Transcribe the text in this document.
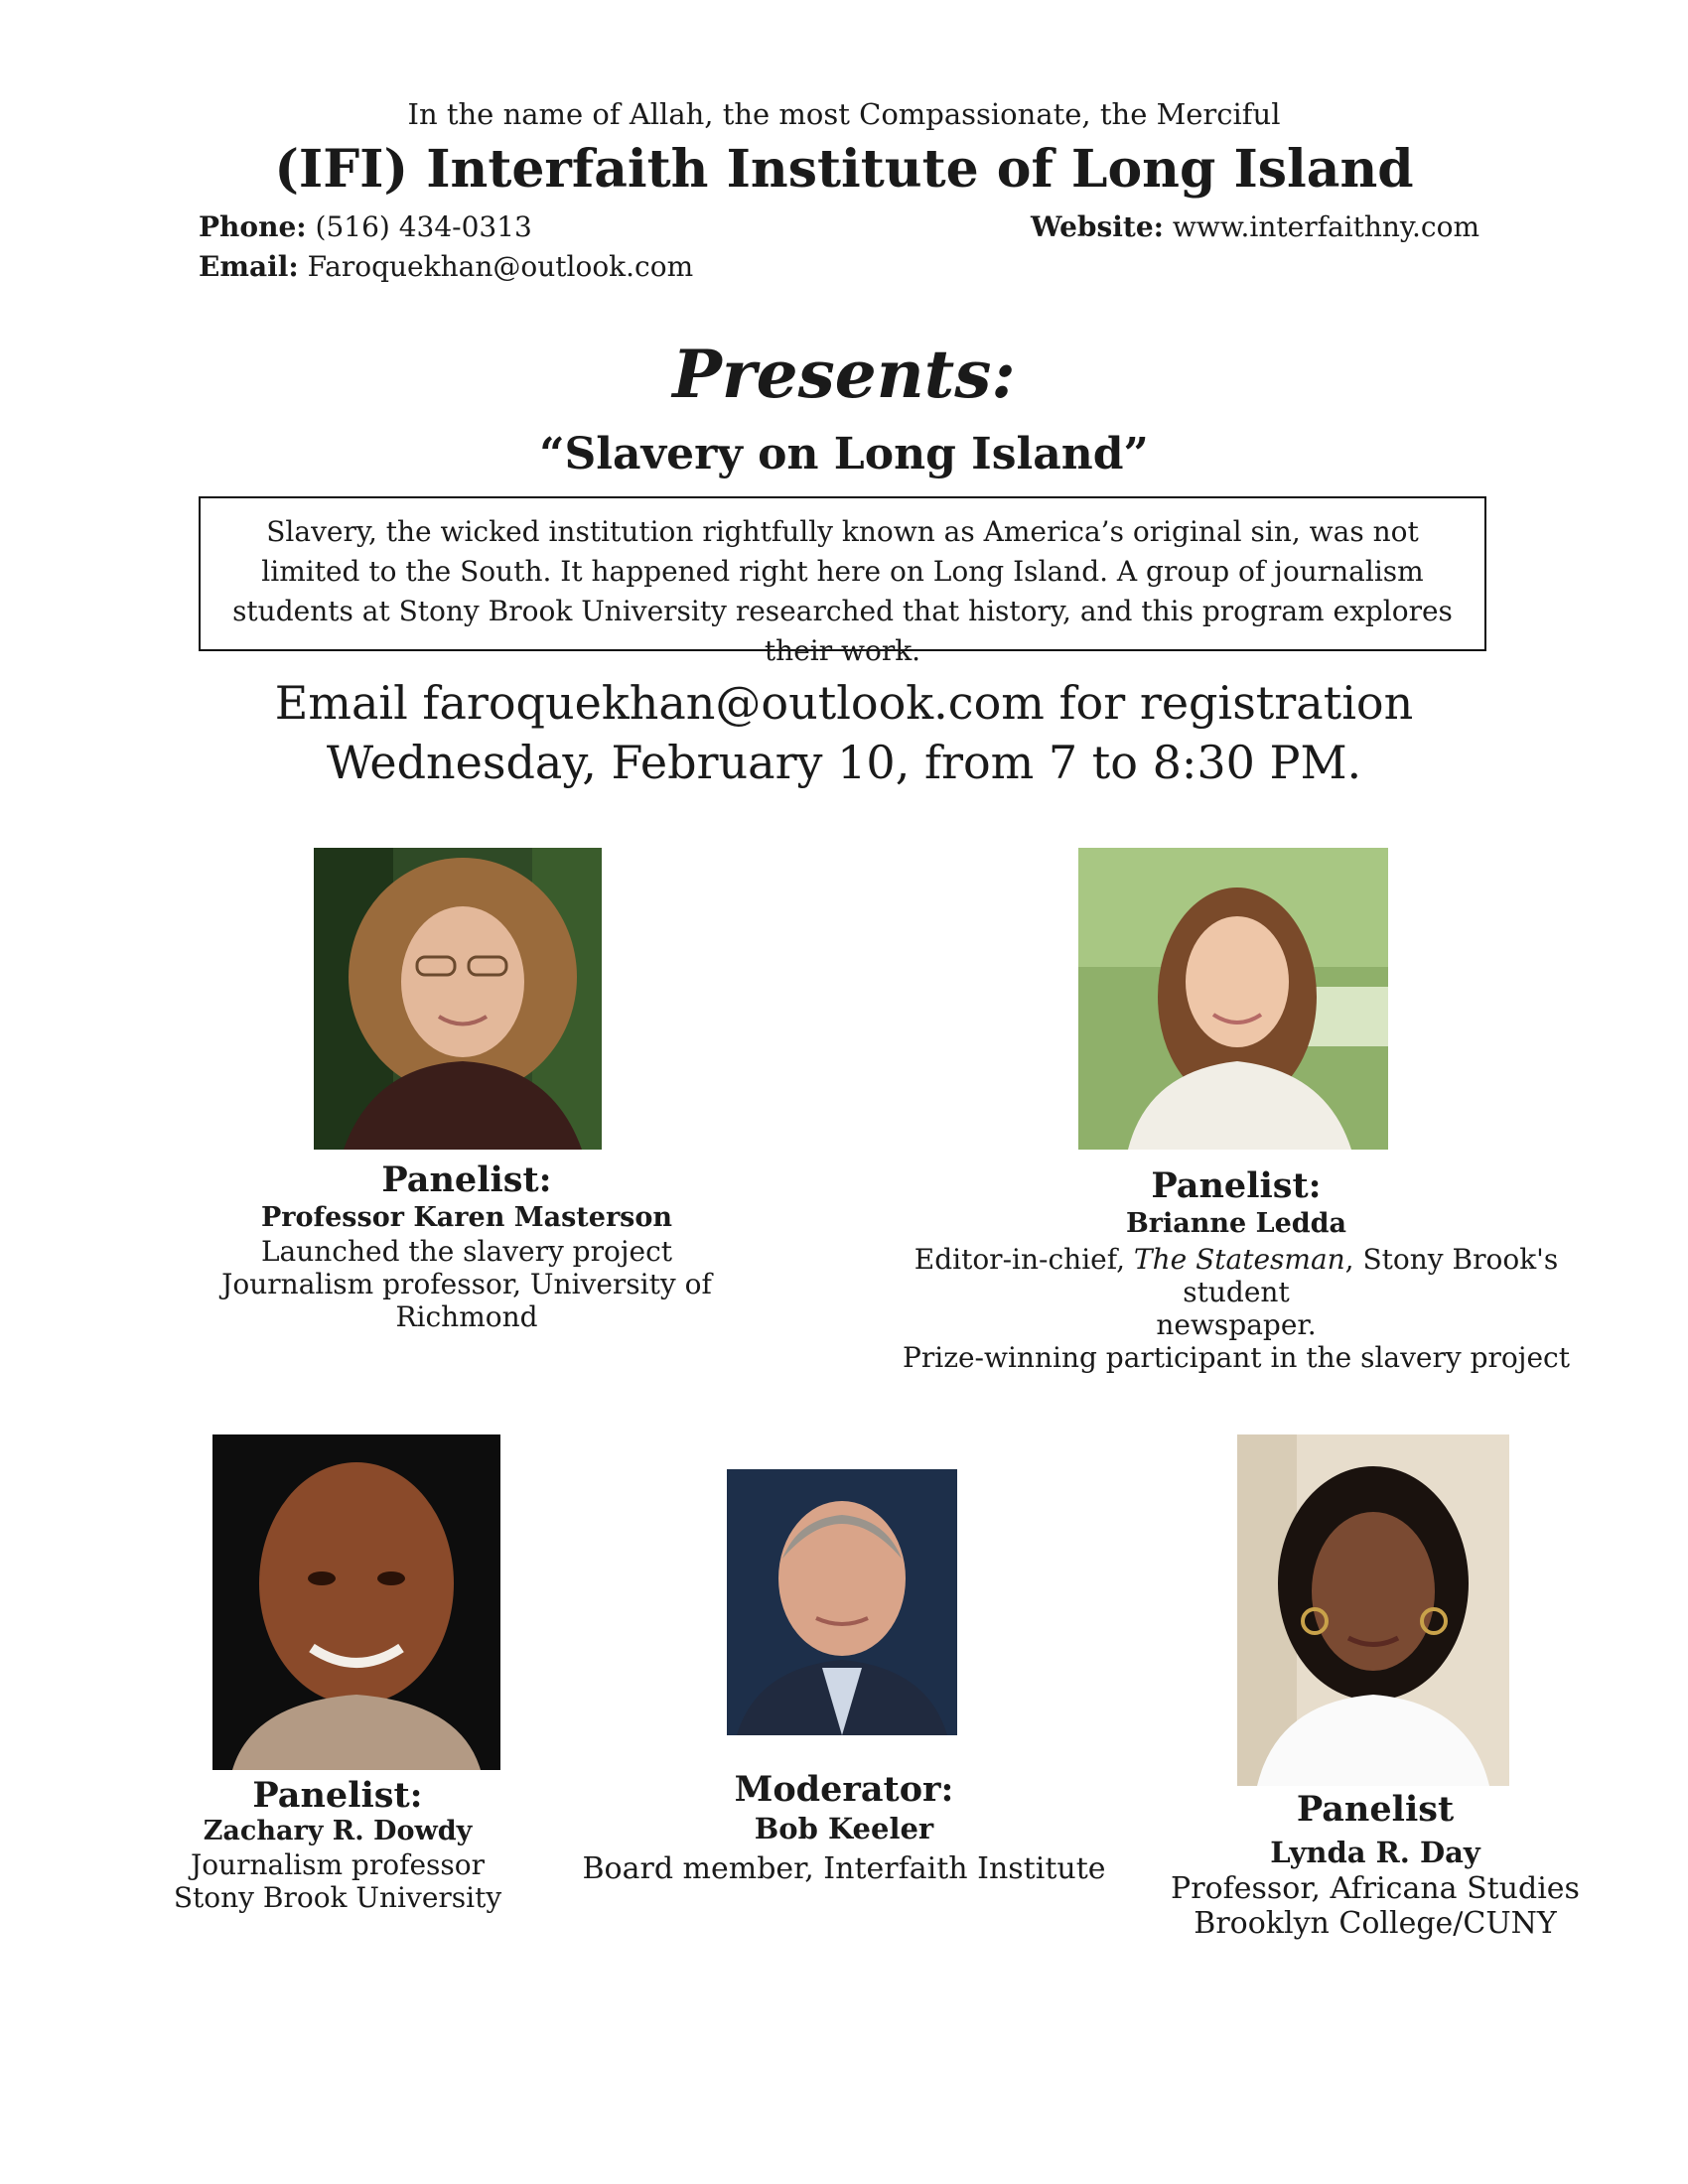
In the name of Allah, the most Compassionate, the Merciful
(IFI) Interfaith Institute of Long Island
Phone: (516) 434-0313
Email: Faroquekhan@outlook.com
Website: www.interfaithny.com
Presents:
“Slavery on Long Island”
Slavery, the wicked institution rightfully known as America’s original sin, was not limited to the South. It happened right here on Long Island. A group of journalism students at Stony Brook University researched that history, and this program explores their work.
Email faroquekhan@outlook.com for registration
Wednesday, February 10, from 7 to 8:30 PM.
Panelist:
Professor Karen Masterson
Launched the slavery project
Journalism professor, University of Richmond
Panelist:
Brianne Ledda
Editor-in-chief, The Statesman, Stony Brook's student
newspaper.
Prize-winning participant in the slavery project
Panelist:
Zachary R. Dowdy
Journalism professor
Stony Brook University
Moderator:
Bob Keeler
Board member, Interfaith Institute
Panelist
Lynda R. Day
Professor, Africana Studies
Brooklyn College/CUNY
